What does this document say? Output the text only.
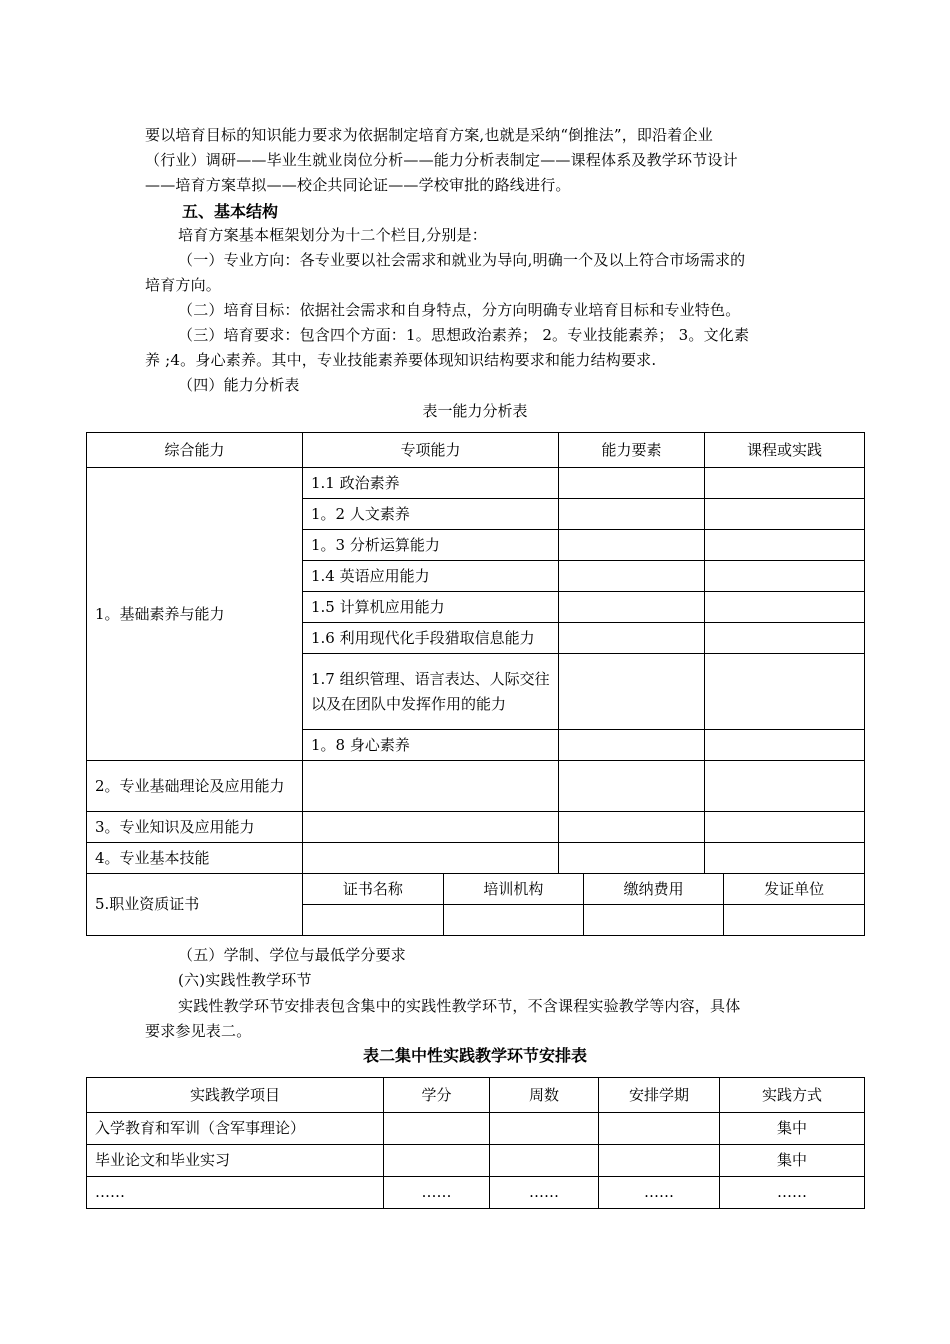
要以培育目标的知识能力要求为依据制定培育方案,也就是采纳“倒推法”，即沿着企业
（行业）调研——毕业生就业岗位分析——能力分析表制定——课程体系及教学环节设计
——培育方案草拟——校企共同论证——学校审批的路线进行。
五、基本结构
培育方案基本框架划分为十二个栏目,分别是：
（一）专业方向：各专业要以社会需求和就业为导向,明确一个及以上符合市场需求的
培育方向。
（二）培育目标：依据社会需求和自身特点，分方向明确专业培育目标和专业特色。
（三）培育要求：包含四个方面：1。思想政治素养； 2。专业技能素养； 3。文化素
养 ;4。身心素养。其中，专业技能素养要体现知识结构要求和能力结构要求.
（四）能力分析表
表一能力分析表
综合能力	专项能力	能力要素	课程或实践
1。基础素养与能力	1.1 政治素养		
1。2 人文素养		
1。3 分析运算能力		
1.4 英语应用能力		
1.5 计算机应用能力		
1.6 利用现代化手段猎取信息能力		
1.7 组织管理、语言表达、人际交往以及在团队中发挥作用的能力		
1。8 身心素养		
2。专业基础理论及应用能力			
3。专业知识及应用能力			
4。专业基本技能			
5.职业资质证书	
证书名称	培训机构	缴纳费用	发证单位

（五）学制、学位与最低学分要求
(六)实践性教学环节
实践性教学环节安排表包含集中的实践性教学环节，不含课程实验教学等内容，具体
要求参见表二。
表二集中性实践教学环节安排表
实践教学项目	学分	周数	安排学期	实践方式
入学教育和军训（含军事理论）				集中
毕业论文和毕业实习				集中
……	……	……	……	……
